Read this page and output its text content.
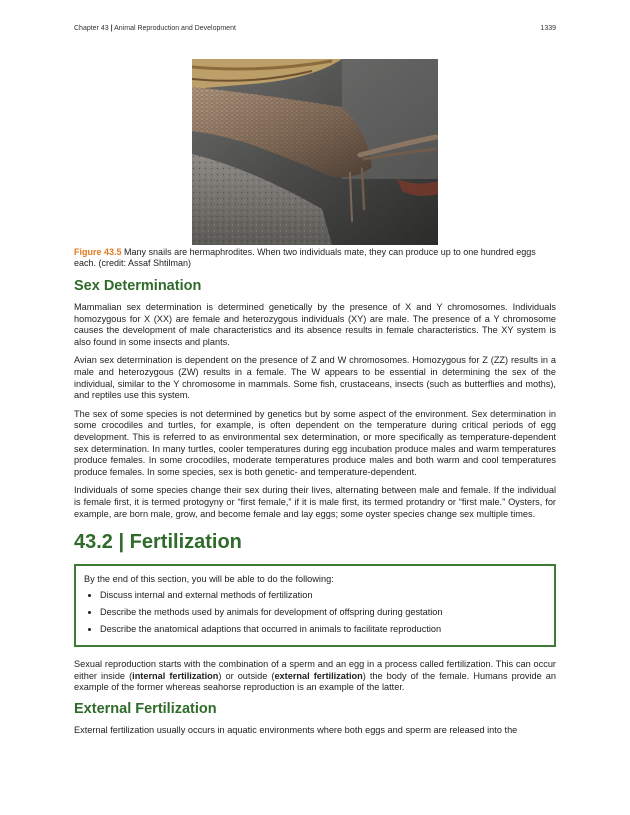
Chapter 43 | Animal Reproduction and Development	1339
Figure 43.5 Many snails are hermaphrodites. When two individuals mate, they can produce up to one hundred eggs each. (credit: Assaf Shtilman)
Sex Determination

Mammalian sex determination is determined genetically by the presence of X and Y chromosomes. Individuals homozygous for X (XX) are female and heterozygous individuals (XY) are male. The presence of a Y chromosome causes the development of male characteristics and its absence results in female characteristics. The XY system is also found in some insects and plants.

Avian sex determination is dependent on the presence of Z and W chromosomes. Homozygous for Z (ZZ) results in a male and heterozygous (ZW) results in a female. The W appears to be essential in determining the sex of the individual, similar to the Y chromosome in mammals. Some fish, crustaceans, insects (such as butterflies and moths), and reptiles use this system.

The sex of some species is not determined by genetics but by some aspect of the environment. Sex determination in some crocodiles and turtles, for example, is often dependent on the temperature during critical periods of egg development. This is referred to as environmental sex determination, or more specifically as temperature-dependent sex determination. In many turtles, cooler temperatures during egg incubation produce males and warm temperatures produce females. In some crocodiles, moderate temperatures produce males and both warm and cool temperatures produce females. In some species, sex is both genetic- and temperature-dependent.

Individuals of some species change their sex during their lives, alternating between male and female. If the individual is female first, it is termed protogyny or “first female,” if it is male first, its termed protandry or “first male.” Oysters, for example, are born male, grow, and become female and lay eggs; some oyster species change sex multiple times.

43.2 | Fertilization
By the end of this section, you will be able to do the following:
• Discuss internal and external methods of fertilization
• Describe the methods used by animals for development of offspring during gestation
• Describe the anatomical adaptions that occurred in animals to facilitate reproduction

Sexual reproduction starts with the combination of a sperm and an egg in a process called fertilization. This can occur either inside (internal fertilization) or outside (external fertilization) the body of the female. Humans provide an example of the former whereas seahorse reproduction is an example of the latter.

External Fertilization

External fertilization usually occurs in aquatic environments where both eggs and sperm are released into the
